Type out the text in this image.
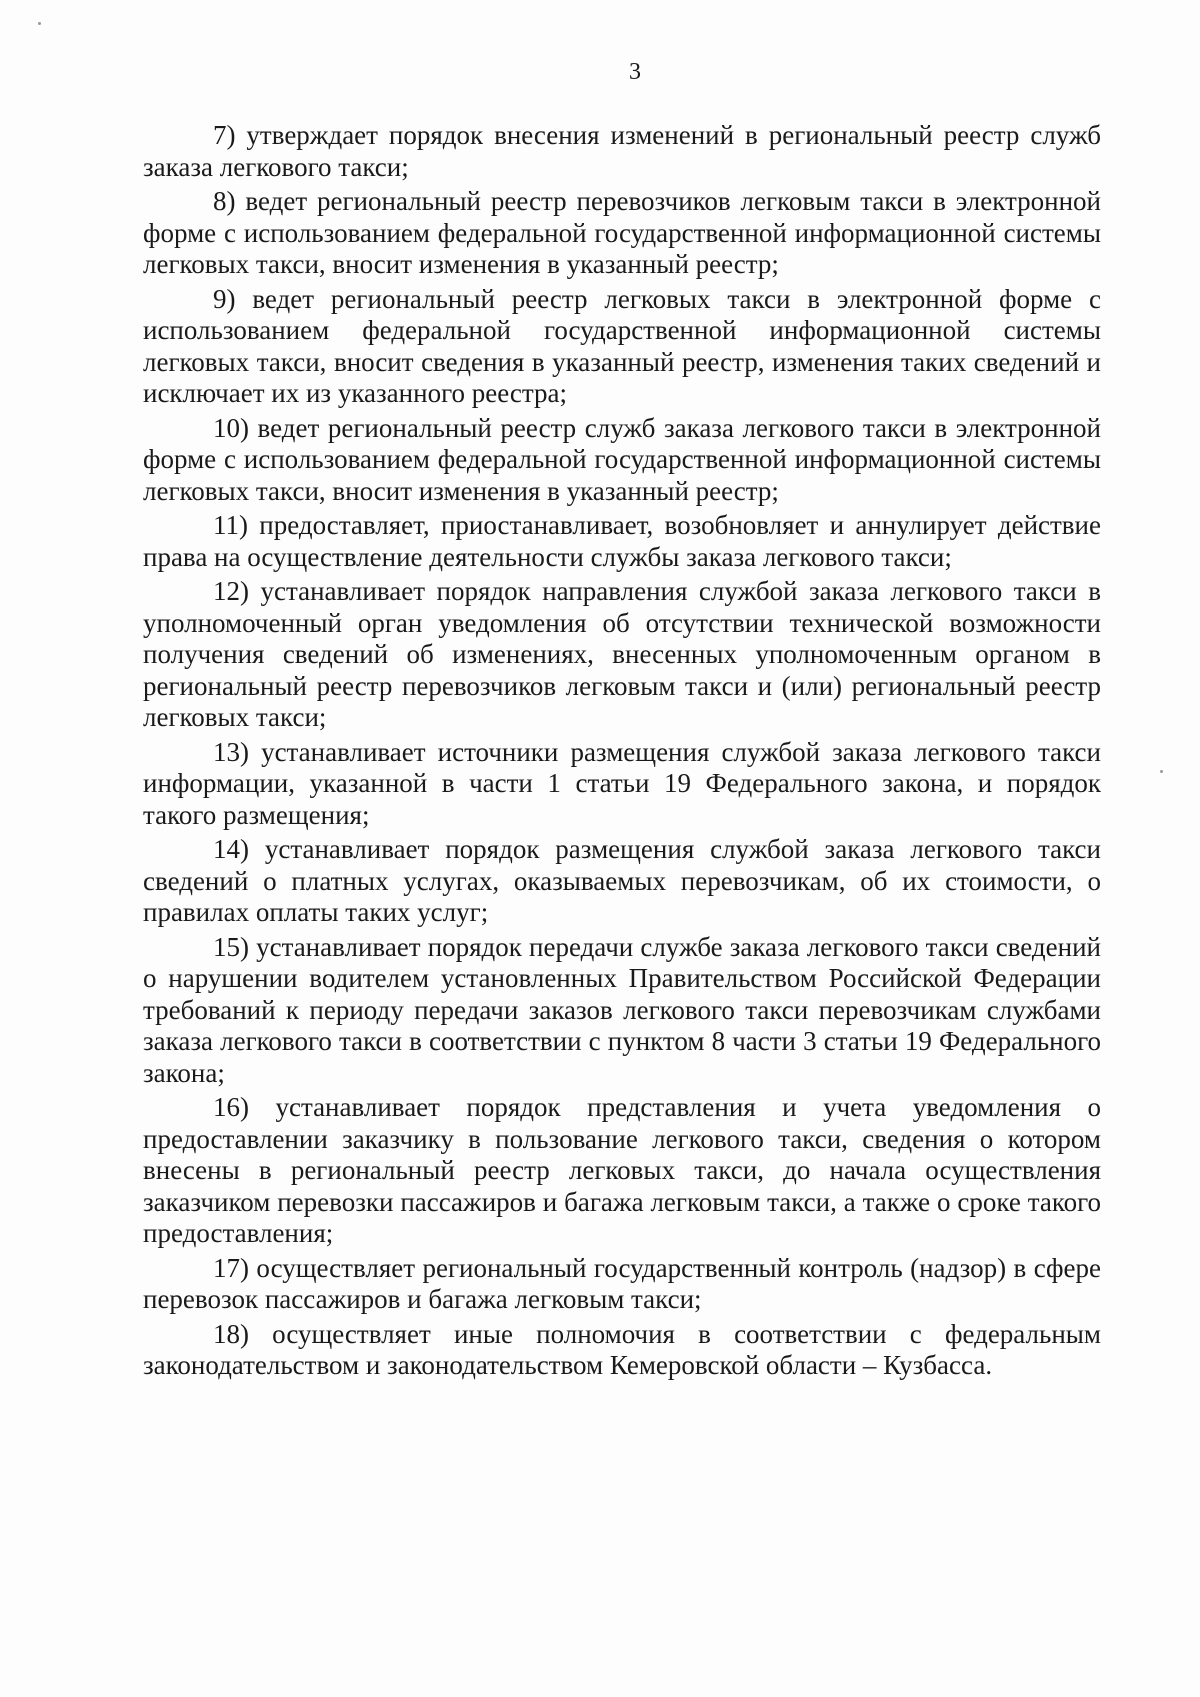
3

7) утверждает порядок внесения изменений в региональный реестр служб заказа легкового такси;

8) ведет региональный реестр перевозчиков легковым такси в электронной форме с использованием федеральной государственной информационной системы легковых такси, вносит изменения в указанный реестр;

9) ведет региональный реестр легковых такси в электронной форме с использованием федеральной государственной информационной системы легковых такси, вносит сведения в указанный реестр, изменения таких сведений и исключает их из указанного реестра;

10) ведет региональный реестр служб заказа легкового такси в электронной форме с использованием федеральной государственной информационной системы легковых такси, вносит изменения в указанный реестр;

11) предоставляет, приостанавливает, возобновляет и аннулирует действие права на осуществление деятельности службы заказа легкового такси;

12) устанавливает порядок направления службой заказа легкового такси в уполномоченный орган уведомления об отсутствии технической возможности получения сведений об изменениях, внесенных уполномоченным органом в региональный реестр перевозчиков легковым такси и (или) региональный реестр легковых такси;

13) устанавливает источники размещения службой заказа легкового такси информации, указанной в части 1 статьи 19 Федерального закона, и порядок такого размещения;

14) устанавливает порядок размещения службой заказа легкового такси сведений о платных услугах, оказываемых перевозчикам, об их стоимости, о правилах оплаты таких услуг;

15) устанавливает порядок передачи службе заказа легкового такси сведений о нарушении водителем установленных Правительством Российской Федерации требований к периоду передачи заказов легкового такси перевозчикам службами заказа легкового такси в соответствии с пунктом 8 части 3 статьи 19 Федерального закона;

16) устанавливает порядок представления и учета уведомления о предоставлении заказчику в пользование легкового такси, сведения о котором внесены в региональный реестр легковых такси, до начала осуществления заказчиком перевозки пассажиров и багажа легковым такси, а также о сроке такого предоставления;

17) осуществляет региональный государственный контроль (надзор) в сфере перевозок пассажиров и багажа легковым такси;

18) осуществляет иные полномочия в соответствии с федеральным законодательством и законодательством Кемеровской области – Кузбасса.
